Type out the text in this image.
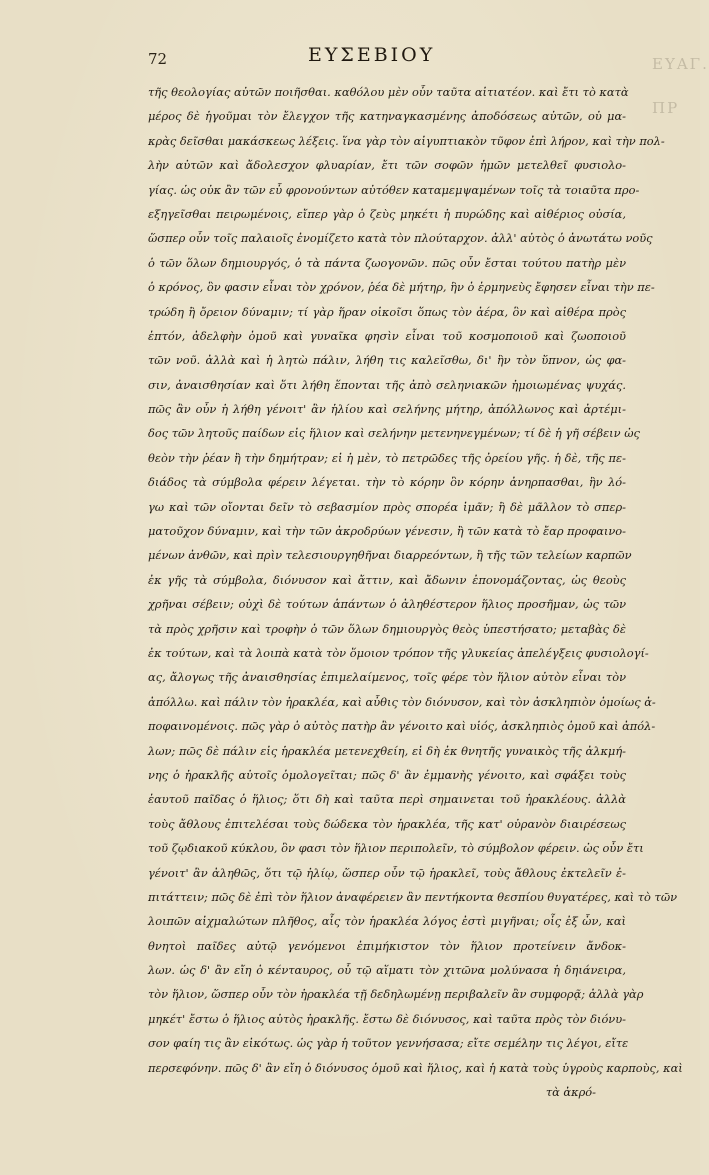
ΕΥΑΓ. ΠΡ
72	ΕΥΣΕΒΙΟΥ
τῆς θεολογίας αὐτῶν ποιῆσθαι. καθόλου μὲν οὖν ταῦτα αἰτιατέον. καὶ ἔτι τὸ κατὰ
μέρος δὲ ἡγοῦμαι τὸν ἔλεγχον τῆς κατηναγκασμένης ἀποδόσεως αὐτῶν, οὐ μα-
κρὰς δεῖσθαι μακάσκεως λέξεις. ἵνα γὰρ τὸν αἰγυπτιακὸν τῦφον ἐπὶ λήρον, καὶ τὴν πολ-
λὴν αὐτῶν καὶ ἄδολεσχον φλυαρίαν, ἔτι τῶν σοφῶν ἡμῶν μετελθεῖ φυσιολο-
γίας. ὡς οὐκ ἂν τῶν εὖ φρονούντων αὐτόθεν καταμεμψαμένων τοῖς τὰ τοιαῦτα προ-
εξηγεῖσθαι πειρωμένοις, εἴπερ γὰρ ὁ ζεὺς μηκέτι ἡ πυρώδης καὶ αἰθέριος οὐσία,
ὥσπερ οὖν τοῖς παλαιοῖς ἐνομίζετο κατὰ τὸν πλούταρχον. ἀλλ' αὐτὸς ὁ ἀνωτάτω νοῦς
ὁ τῶν ὅλων δημιουργός, ὁ τὰ πάντα ζωογονῶν. πῶς οὖν ἔσται τούτου πατὴρ μὲν
ὁ κρόνος, ὃν φασιν εἶναι τὸν χρόνον, ῥέα δὲ μήτηρ, ἣν ὁ ἑρμηνεὺς ἔφησεν εἶναι τὴν πε-
τρώδη ἢ ὄρειον δύναμιν; τί γὰρ ἥραν οἰκοῖσι ὅπως τὸν ἀέρα, ὃν καὶ αἰθέρα πρὸς
ἑπτόν, ἀδελφὴν ὁμοῦ καὶ γυναῖκα φησὶν εἶναι τοῦ κοσμοποιοῦ καὶ ζωοποιοῦ
τῶν νοῦ. ἀλλὰ καὶ ἡ λητὼ πάλιν, λήθη τις καλεῖσθω, δι' ἣν τὸν ὕπνον, ὡς φα-
σιν, ἀναισθησίαν καὶ ὅτι λήθη ἕπονται τῆς ἀπὸ σεληνιακῶν ἡμοιωμένας ψυχάς.
πῶς ἂν οὖν ἡ λήθη γένοιτ' ἂν ἡλίου καὶ σελήνης μήτηρ, ἀπόλλωνος καὶ ἀρτέμι-
δος τῶν λητοῦς παίδων εἰς ἥλιον καὶ σελήνην μετενηνεγμένων; τί δὲ ἡ γῆ σέβειν ὡς
θεὸν τὴν ῥέαν ἢ τὴν δημήτραν; εἰ ἡ μὲν, τὸ πετρῶδες τῆς ὀρείου γῆς. ἡ δὲ, τῆς πε-
διάδος τὰ σύμβολα φέρειν λέγεται. τὴν τὸ κόρην ὃν κόρην ἀνηρπασθαι, ἣν λό-
γω καὶ τῶν οἴονται δεῖν τὸ σεβασμίον πρὸς σπορέα ἱμᾶν; ἢ δὲ μᾶλλον τὸ σπερ-
ματοῦχον δύναμιν, καὶ τὴν τῶν ἀκροδρύων γένεσιν, ἢ τῶν κατὰ τὸ ἔαρ προφαινο-
μένων ἀνθῶν, καὶ πρὶν τελεσιουργηθῆναι διαρρεόντων, ἢ τῆς τῶν τελείων καρπῶν
ἐκ γῆς τὰ σύμβολα, διόνυσον καὶ ἄττιν, καὶ ἄδωνιν ἐπονομάζοντας, ὡς θεοὺς
χρῆναι σέβειν; οὐχὶ δὲ τούτων ἁπάντων ὁ ἀληθέστερον ἥλιος προσῆμαν, ὡς τῶν
τὰ πρὸς χρῆσιν καὶ τροφὴν ὁ τῶν ὅλων δημιουργὸς θεὸς ὑπεστήσατο; μεταβὰς δὲ
ἐκ τούτων, καὶ τὰ λοιπὰ κατὰ τὸν ὅμοιον τρόπον τῆς γλυκείας ἀπελέγξεις φυσιολογί-
ας, ἄλογως τῆς ἀναισθησίας ἐπιμελαίμενος, τοῖς φέρε τὸν ἥλιον αὐτὸν εἶναι τὸν
ἀπόλλω. καὶ πάλιν τὸν ἡρακλέα, καὶ αὖθις τὸν διόνυσον, καὶ τὸν ἀσκληπιὸν ὁμοίως ἀ-
ποφαινομένοις. πῶς γὰρ ὁ αὐτὸς πατὴρ ἂν γένοιτο καὶ υἱός, ἀσκληπιὸς ὁμοῦ καὶ ἀπόλ-
λων; πῶς δὲ πάλιν εἰς ἡρακλέα μετενεχθείη, εἰ δὴ ἐκ θνητῆς γυναικὸς τῆς ἀλκμή-
νης ὁ ἡρακλῆς αὐτοῖς ὁμολογεῖται; πῶς δ' ἂν ἐμμανὴς γένοιτο, καὶ σφάξει τοὺς
ἑαυτοῦ παῖδας ὁ ἥλιος; ὅτι δὴ καὶ ταῦτα περὶ σημαινεται τοῦ ἡρακλέους. ἀλλὰ
τοὺς ἄθλους ἐπιτελέσαι τοὺς δώδεκα τὸν ἡρακλέα, τῆς κατ' οὐρανὸν διαιρέσεως
τοῦ ζῳδιακοῦ κύκλου, ὃν φασι τὸν ἥλιον περιπολεῖν, τὸ σύμβολον φέρειν. ὡς οὖν ἔτι
γένοιτ' ἂν ἀληθῶς, ὅτι τῷ ἡλίῳ, ὥσπερ οὖν τῷ ἡρακλεῖ, τοὺς ἄθλους ἐκτελεῖν ἐ-
πιτάττειν; πῶς δὲ ἐπὶ τὸν ἥλιον ἀναφέρειεν ἂν πεντήκοντα θεσπίου θυγατέρες, καὶ τὸ τῶν
λοιπῶν αἰχμαλώτων πλῆθος, αἷς τὸν ἡρακλέα λόγος ἐστὶ μιγῆναι; οἷς ἐξ ὧν, καὶ
θνητοὶ παῖδες αὐτῷ γενόμενοι ἐπιμήκιστον τὸν ἥλιον προτείνειν ἄνδοκ-
λων. ὡς δ' ἂν εἴη ὁ κένταυρος, οὗ τῷ αἵματι τὸν χιτῶνα μολύνασα ἡ δηιάνειρα,
τὸν ἥλιον, ὥσπερ οὖν τὸν ἡρακλέα τῇ δεδηλωμένῃ περιβαλεῖν ἂν συμφορᾷ; ἀλλὰ γὰρ
μηκέτ' ἔστω ὁ ἥλιος αὐτὸς ἡρακλῆς. ἔστω δὲ διόνυσος, καὶ ταῦτα πρὸς τὸν διόνυ-
σον φαίη τις ἂν εἰκότως. ὡς γὰρ ἡ τοῦτον γεννήσασα; εἴτε σεμέλην τις λέγοι, εἴτε
περσεφόνην. πῶς δ' ἂν εἴη ὁ διόνυσος ὁμοῦ καὶ ἥλιος, καὶ ἡ κατὰ τοὺς ὑγροὺς καρποὺς, καὶ
τὰ ἀκρό-
